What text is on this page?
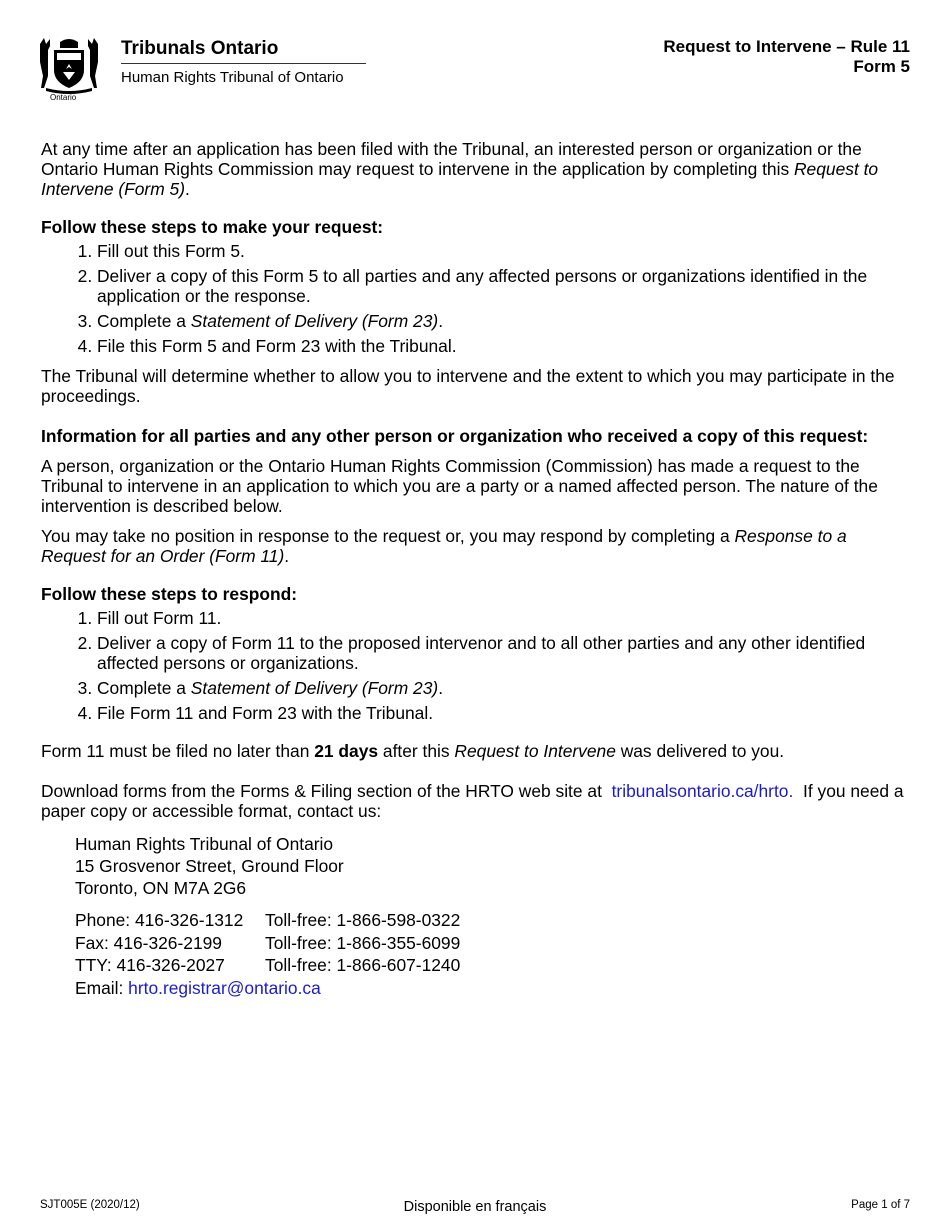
Ontario
Tribunals Ontario
Human Rights Tribunal of Ontario
Request to Intervene – Rule 11
Form 5

At any time after an application has been filed with the Tribunal, an interested person or organization or the Ontario Human Rights Commission may request to intervene in the application by completing this Request to Intervene (Form 5).

Follow these steps to make your request:

1. Fill out this Form 5.
2. Deliver a copy of this Form 5 to all parties and any affected persons or organizations identified in the application or the response.
3. Complete a Statement of Delivery (Form 23).
4. File this Form 5 and Form 23 with the Tribunal.

The Tribunal will determine whether to allow you to intervene and the extent to which you may participate in the proceedings.

Information for all parties and any other person or organization who received a copy of this request:

A person, organization or the Ontario Human Rights Commission (Commission) has made a request to the Tribunal to intervene in an application to which you are a party or a named affected person. The nature of the intervention is described below.

You may take no position in response to the request or, you may respond by completing a Response to a Request for an Order (Form 11).

Follow these steps to respond:

1. Fill out Form 11.
2. Deliver a copy of Form 11 to the proposed intervenor and to all other parties and any other identified affected persons or organizations.
3. Complete a Statement of Delivery (Form 23).
4. File Form 11 and Form 23 with the Tribunal.

Form 11 must be filed no later than 21 days after this Request to Intervene was delivered to you.

Download forms from the Forms & Filing section of the HRTO web site at tribunalsontario.ca/hrto.  If you need a paper copy or accessible format, contact us:

Human Rights Tribunal of Ontario
15 Grosvenor Street, Ground Floor
Toronto, ON M7A 2G6
Phone: 416-326-1312	Toll-free: 1-866-598-0322
Fax: 416-326-2199	Toll-free: 1-866-355-6099
TTY: 416-326-2027	Toll-free: 1-866-607-1240
Email:
hrto.registrar@ontario.ca
SJT005E (2020/12)	Disponible en français	Page 1 of 7
